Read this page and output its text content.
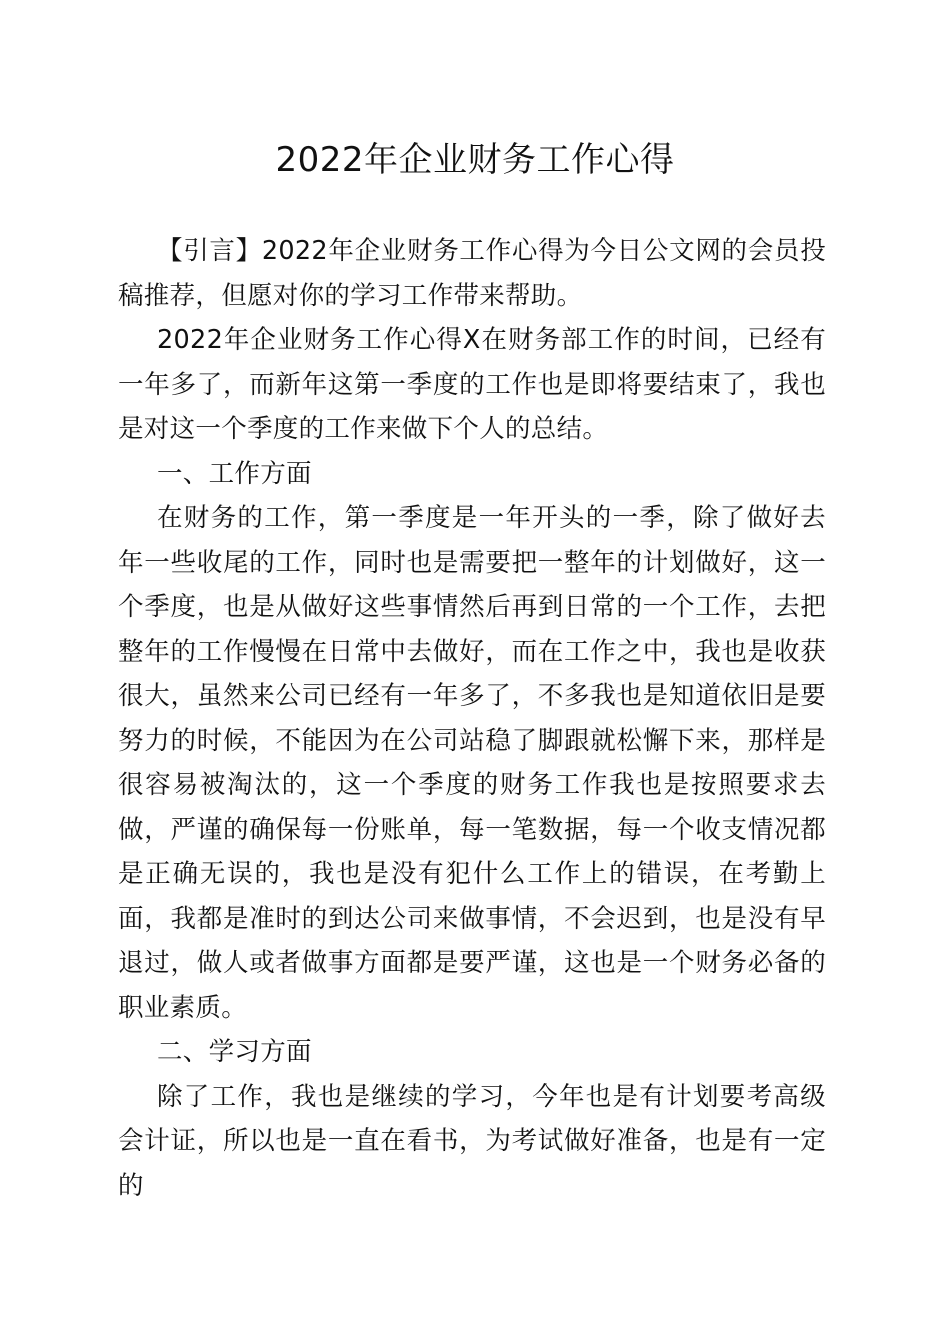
2022年企业财务工作心得

【引言】2022年企业财务工作心得为今日公文网的会员投稿推荐，但愿对你的学习工作带来帮助。

2022年企业财务工作心得X在财务部工作的时间，已经有一年多了，而新年这第一季度的工作也是即将要结束了，我也是对这一个季度的工作来做下个人的总结。

一、工作方面

在财务的工作，第一季度是一年开头的一季，除了做好去年一些收尾的工作，同时也是需要把一整年的计划做好，这一个季度，也是从做好这些事情然后再到日常的一个工作，去把整年的工作慢慢在日常中去做好，而在工作之中，我也是收获很大，虽然来公司已经有一年多了，不多我也是知道依旧是要努力的时候，不能因为在公司站稳了脚跟就松懈下来，那样是很容易被淘汰的，这一个季度的财务工作我也是按照要求去做，严谨的确保每一份账单，每一笔数据，每一个收支情况都是正确无误的，我也是没有犯什么工作上的错误，在考勤上面，我都是准时的到达公司来做事情，不会迟到，也是没有早退过，做人或者做事方面都是要严谨，这也是一个财务必备的职业素质。

二、学习方面

除了工作，我也是继续的学习，今年也是有计划要考高级会计证，所以也是一直在看书，为考试做好准备，也是有一定的
